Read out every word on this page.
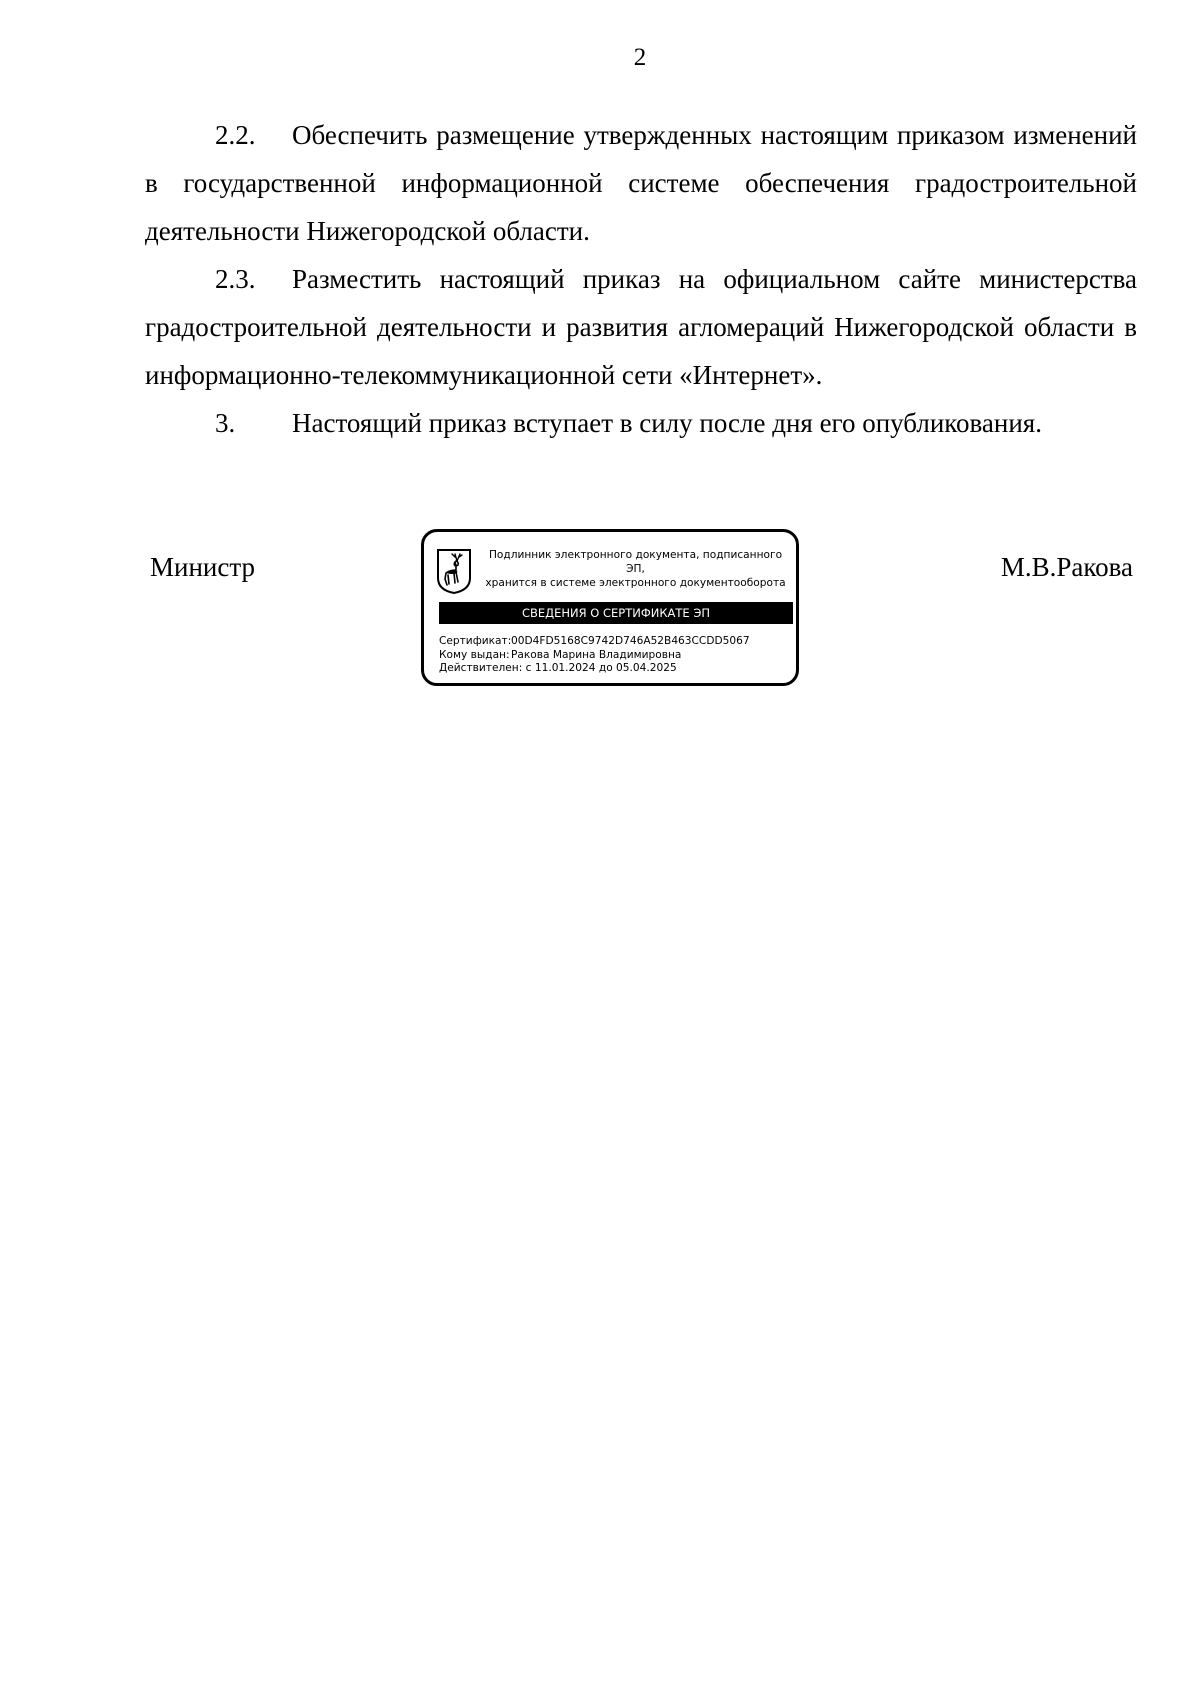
2

2.2. Обеспечить размещение утвержденных настоящим приказом изменений в государственной информационной системе обеспечения градостроительной деятельности Нижегородской области.

2.3. Разместить настоящий приказ на официальном сайте министерства градостроительной деятельности и развития агломераций Нижегородской области в информационно-телекоммуникационной сети «Интернет».

3. Настоящий приказ вступает в силу после дня его опубликования.

Министр	М.В.Ракова
Подлинник электронного документа, подписанного ЭП,
хранится в системе электронного документооборота
СВЕДЕНИЯ О СЕРТИФИКАТЕ ЭП
Сертификат:00D4FD5168C9742D746A52B463CCDD5067
Кому выдан:Ракова Марина Владимировна
Действителен: с 11.01.2024 до 05.04.2025
